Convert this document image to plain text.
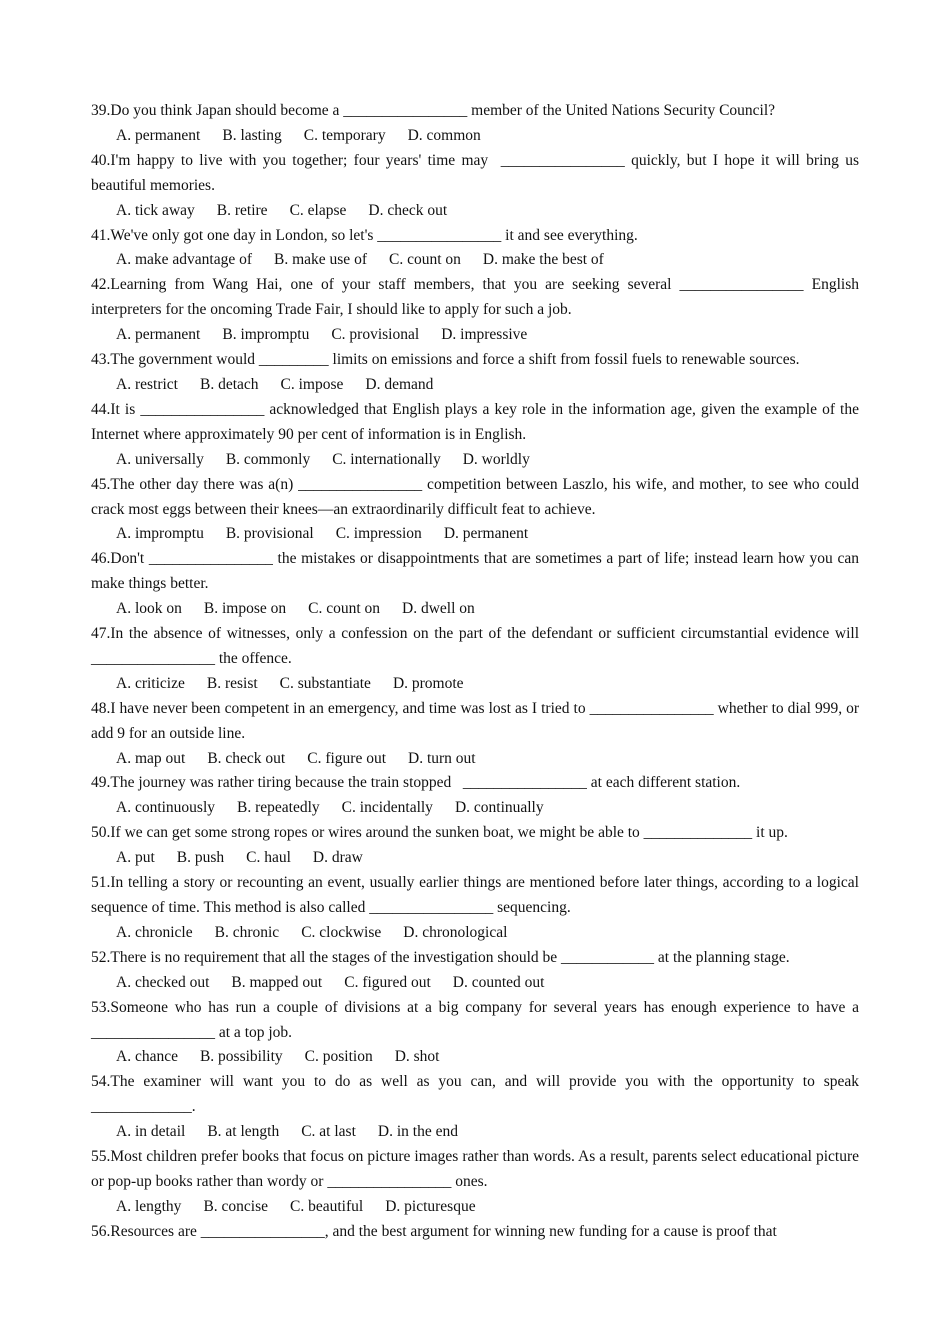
39.Do you think Japan should become a ________________ member of the United Nations Security Council?

A. permanent B. lasting C. temporary D. common

40.I'm happy to live with you together; four years' time may  ________________ quickly, but I hope it will bring us beautiful memories.

A. tick away B. retire C. elapse D. check out

41.We've only got one day in London, so let's ________________ it and see everything.

A. make advantage of B. make use of C. count on D. make the best of

42.Learning from Wang Hai, one of your staff members, that you are seeking several ________________ English interpreters for the oncoming Trade Fair, I should like to apply for such a job.

A. permanent B. impromptu C. provisional D. impressive

43.The government would _________ limits on emissions and force a shift from fossil fuels to renewable sources.

A. restrict B. detach C. impose D. demand

44.It is ________________ acknowledged that English plays a key role in the information age, given the example of the Internet where approximately 90 per cent of information is in English.

A. universally B. commonly C. internationally D. worldly

45.The other day there was a(n) ________________ competition between Laszlo, his wife, and mother, to see who could crack most eggs between their knees—an extraordinarily difficult feat to achieve.

A. impromptu B. provisional C. impression D. permanent

46.Don't ________________ the mistakes or disappointments that are sometimes a part of life; instead learn how you can make things better.

A. look on B. impose on C. count on D. dwell on

47.In the absence of witnesses, only a confession on the part of the defendant or sufficient circumstantial evidence will ________________ the offence.

A. criticize B. resist C. substantiate D. promote

48.I have never been competent in an emergency, and time was lost as I tried to ________________ whether to dial 999, or add 9 for an outside line.

A. map out B. check out C. figure out D. turn out

49.The journey was rather tiring because the train stopped   ________________ at each different station.

A. continuously B. repeatedly C. incidentally D. continually

50.If we can get some strong ropes or wires around the sunken boat, we might be able to ______________ it up.

A. put B. push C. haul D. draw

51.In telling a story or recounting an event, usually earlier things are mentioned before later things, according to a logical sequence of time. This method is also called ________________ sequencing.

A. chronicle B. chronic C. clockwise D. chronological

52.There is no requirement that all the stages of the investigation should be ____________ at the planning stage.

A. checked out B. mapped out C. figured out D. counted out

53.Someone who has run a couple of divisions at a big company for several years has enough experience to have a ________________ at a top job.

A. chance B. possibility C. position D. shot

54.The examiner will want you to do as well as you can, and will provide you with the opportunity to speak _____________.

A. in detail B. at length C. at last D. in the end

55.Most children prefer books that focus on picture images rather than words. As a result, parents select educational picture or pop-up books rather than wordy or ________________ ones.

A. lengthy B. concise C. beautiful D. picturesque

56.Resources are ________________, and the best argument for winning new funding for a cause is proof that
